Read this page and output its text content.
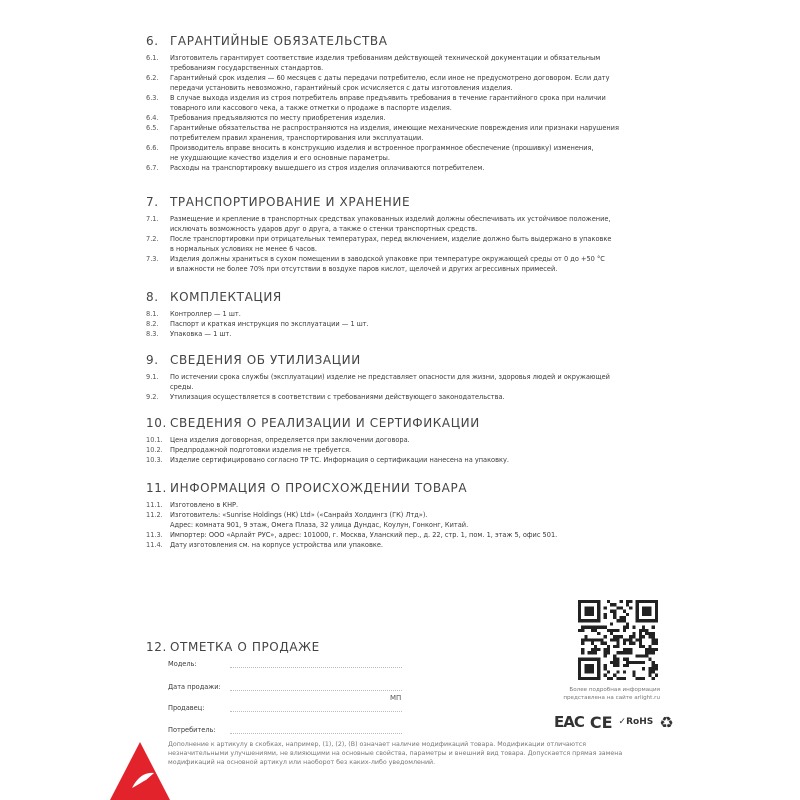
6. ГАРАНТИЙНЫЕ ОБЯЗАТЕЛЬСТВА
6.1.	Изготовитель гарантирует соответствие изделия требованиям действующей технической документации и обязательным
требованиям государственных стандартов.
6.2.	Гарантийный срок изделия — 60 месяцев с даты передачи потребителю, если иное не предусмотрено договором. Если дату
передачи установить невозможно, гарантийный срок исчисляется с даты изготовления изделия.
6.3.	В случае выхода изделия из строя потребитель вправе предъявить требования в течение гарантийного срока при наличии
товарного или кассового чека, а также отметки о продаже в паспорте изделия.
6.4.	Требования предъявляются по месту приобретения изделия.
6.5.	Гарантийные обязательства не распространяются на изделия, имеющие механические повреждения или признаки нарушения
потребителем правил хранения, транспортирования или эксплуатации.
6.6.	Производитель вправе вносить в конструкцию изделия и встроенное программное обеспечение (прошивку) изменения,
не ухудшающие качество изделия и его основные параметры.
6.7.	Расходы на транспортировку вышедшего из строя изделия оплачиваются потребителем.
7. ТРАНСПОРТИРОВАНИЕ И ХРАНЕНИЕ
7.1.	Размещение и крепление в транспортных средствах упакованных изделий должны обеспечивать их устойчивое положение,
исключать возможность ударов друг о друга, а также о стенки транспортных средств.
7.2.	После транспортировки при отрицательных температурах, перед включением, изделие должно быть выдержано в упаковке
в нормальных условиях не менее 6 часов.
7.3.	Изделия должны храниться в сухом помещении в заводской упаковке при температуре окружающей среды от 0 до +50 °C
и влажности не более 70% при отсутствии в воздухе паров кислот, щелочей и других агрессивных примесей.
8. КОМПЛЕКТАЦИЯ
8.1.	Контроллер — 1 шт.
8.2.	Паспорт и краткая инструкция по эксплуатации — 1 шт.
8.3.	Упаковка — 1 шт.
9. СВЕДЕНИЯ ОБ УТИЛИЗАЦИИ
9.1.	По истечении срока службы (эксплуатации) изделие не представляет опасности для жизни, здоровья людей и окружающей
среды.
9.2.	Утилизация осуществляется в соответствии с требованиями действующего законодательства.
10. СВЕДЕНИЯ О РЕАЛИЗАЦИИ И СЕРТИФИКАЦИИ
10.1.	Цена изделия договорная, определяется при заключении договора.
10.2.	Предпродажной подготовки изделия не требуется.
10.3.	Изделие сертифицировано согласно ТР ТС. Информация о сертификации нанесена на упаковку.
11. ИНФОРМАЦИЯ О ПРОИСХОЖДЕНИИ ТОВАРА
11.1.	Изготовлено в КНР.
11.2.	Изготовитель: «Sunrise Holdings (HK) Ltd» («Санрайз Холдингз (ГК) Лтд»).
Адрес: комната 901, 9 этаж, Омега Плаза, 32 улица Дундас, Коулун, Гонконг, Китай.
11.3.	Импортер: ООО «Арлайт РУС», адрес: 101000, г. Москва, Уланский пер., д. 22, стр. 1, пом. 1, этаж 5, офис 501.
11.4.	Дату изготовления см. на корпусе устройства или упаковке.
12. ОТМЕТКА О ПРОДАЖЕ
Модель:
Дата продажи:
Продавец:
Потребитель:
МП
Более подробная информация
представлена на сайте arlight.ru
EAC CE ✓RoHS ♻
Дополнение к артикулу в скобках, например, (1), (2), (B) означает наличие модификаций товара. Модификации отличаются
незначительными улучшениями, не влияющими на основные свойства, параметры и внешний вид товара. Допускается прямая замена
модификаций на основной артикул или наоборот без каких-либо уведомлений.
